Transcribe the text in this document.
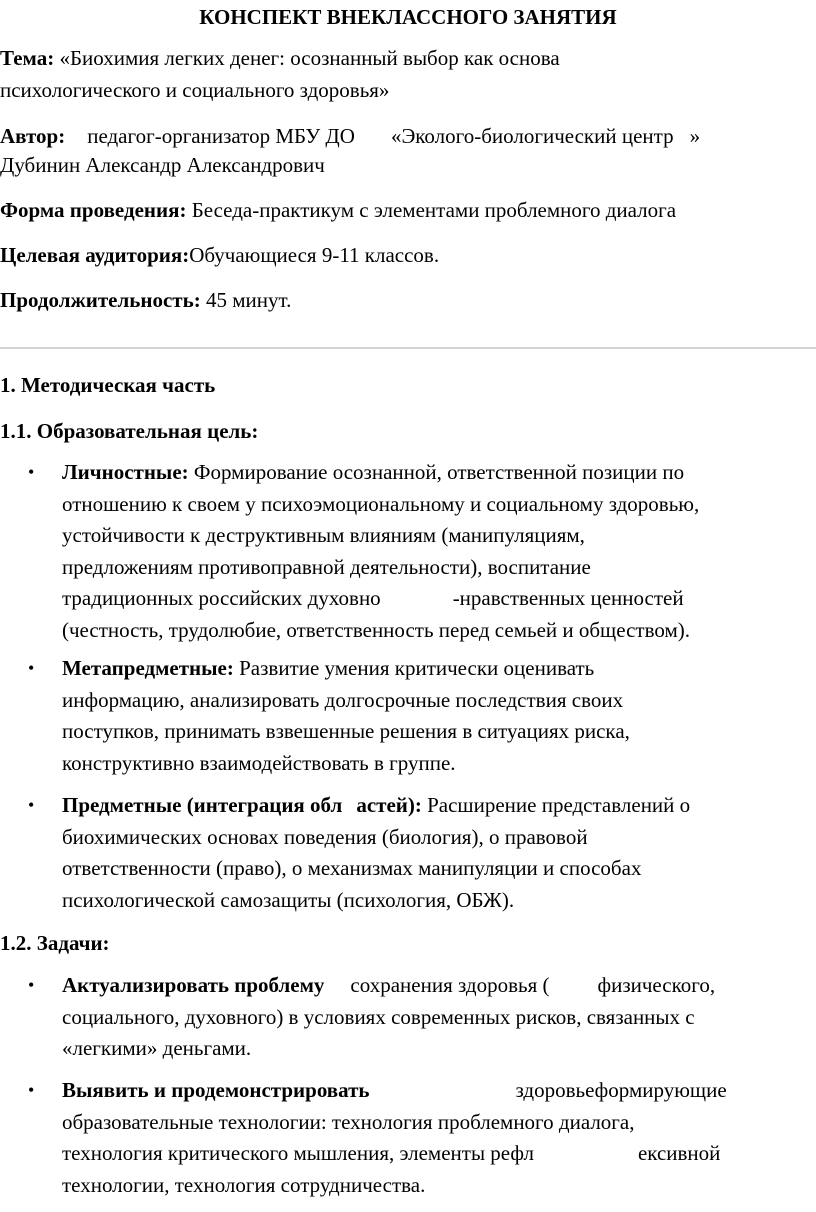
КОНСПЕКТ ВНЕКЛАССНОГО ЗАНЯТИЯ
Тема: «Биохимия легких денег: осознанный выбор как основа
психологического и социального здоровья»
Автор: педагог-организатор МБУ ДО «Эколого-биологический центр »
Дубинин Александр Александрович
Форма проведения: Беседа-практикум с элементами проблемного диалога
Целевая аудитория:Обучающиеся 9-11 классов.
Продолжительность: 45 минут.
1. Методическая часть
1.1. Образовательная цель:
• Личностные: Формирование осознанной, ответственной позиции по
отношению к своем у психоэмоциональному и социальному здоровью,
устойчивости к деструктивным влияниям (манипуляциям,
предложениям противоправной деятельности), воспитание
традиционных российских духовно	-нравственных ценностей
(честность, трудолюбие, ответственность перед семьей и обществом).
• Метапредметные: Развитие умения критически оценивать
информацию, анализировать долгосрочные последствия своих
поступков, принимать взвешенные решения в ситуациях риска,
конструктивно взаимодействовать в группе.
• Предметные (интеграция обл астей): Расширение представлений о
биохимических основах поведения (биология), о правовой
ответственности (право), о механизмах манипуляции и способах
психологической самозащиты (психология, ОБЖ).
1.2. Задачи:
• Актуализировать проблему сохранения здоровья ( физического,
социального, духовного) в условиях современных рисков, связанных с
«легкими» деньгами.
• Выявить и продемонстрировать	здоровьеформирующие
образовательные технологии: технология проблемного диалога,
технология критического мышления, элементы рефл	ексивной
технологии, технология сотрудничества.
